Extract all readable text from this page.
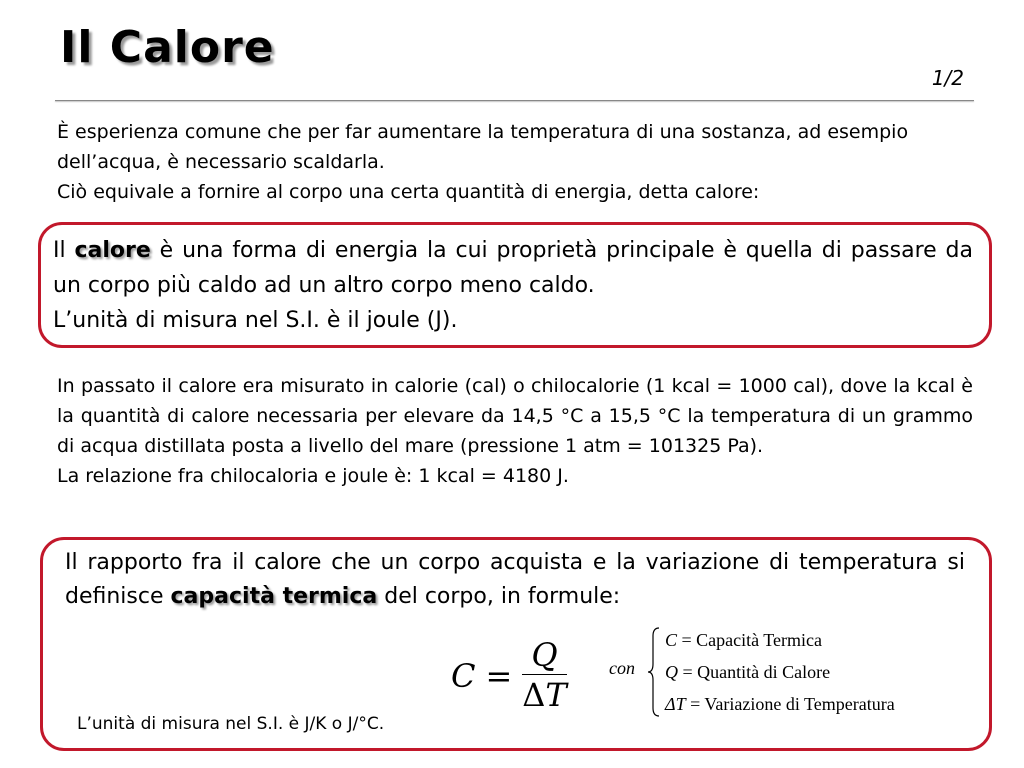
Il Calore
1/2

È esperienza comune che per far aumentare la temperatura di una sostanza, ad esempio dell’acqua, è necessario scaldarla.

Ciò equivale a fornire al corpo una certa quantità di energia, detta calore:

Il calore è una forma di energia la cui proprietà principale è quella di passare da un corpo più caldo ad un altro corpo meno caldo.

L’unità di misura nel S.I. è il joule (J).

In passato il calore era misurato in calorie (cal) o chilocalorie (1 kcal = 1000 cal), dove la kcal è la quantità di calore necessaria per elevare da 14,5 °C a 15,5 °C la temperatura di un grammo di acqua distillata posta a livello del mare (pressione 1 atm = 101325 Pa).

La relazione fra chilocaloria e joule è: 1 kcal = 4180 J.

Il rapporto fra il calore che un corpo acquista e la variazione di temperatura si definisce capacità termica del corpo, in formule:
$C = \frac{Q}{\Delta T}$ con
C = Capacità Termica
Q = Quantità di Calore
ΔT = Variazione di Temperatura
L’unità di misura nel S.I. è J/K o J/°C.
